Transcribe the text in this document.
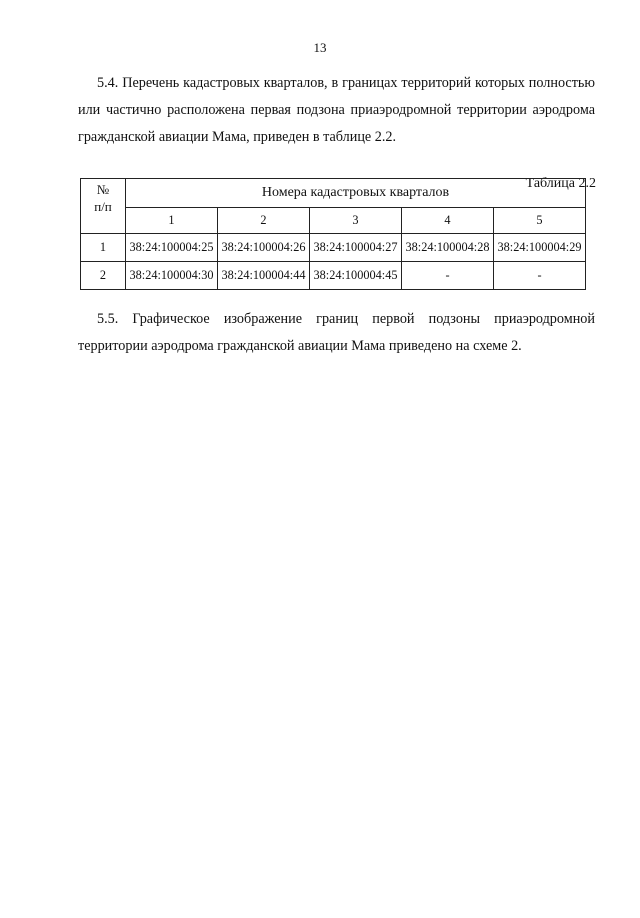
13

5.4. Перечень кадастровых кварталов, в границах территорий которых полностью или частично расположена первая подзона приаэродромной территории аэродрома гражданской авиации Мама, приведен в таблице 2.2.

Таблица 2.2
№
п/п	Номера кадастровых кварталов				
	1	2	3	4	5
1	38:24:100004:25	38:24:100004:26	38:24:100004:27	38:24:100004:28	38:24:100004:29
2	38:24:100004:30	38:24:100004:44	38:24:100004:45	-	-

5.5. Графическое изображение границ первой подзоны приаэродромной территории аэродрома гражданской авиации Мама приведено на схеме 2.
